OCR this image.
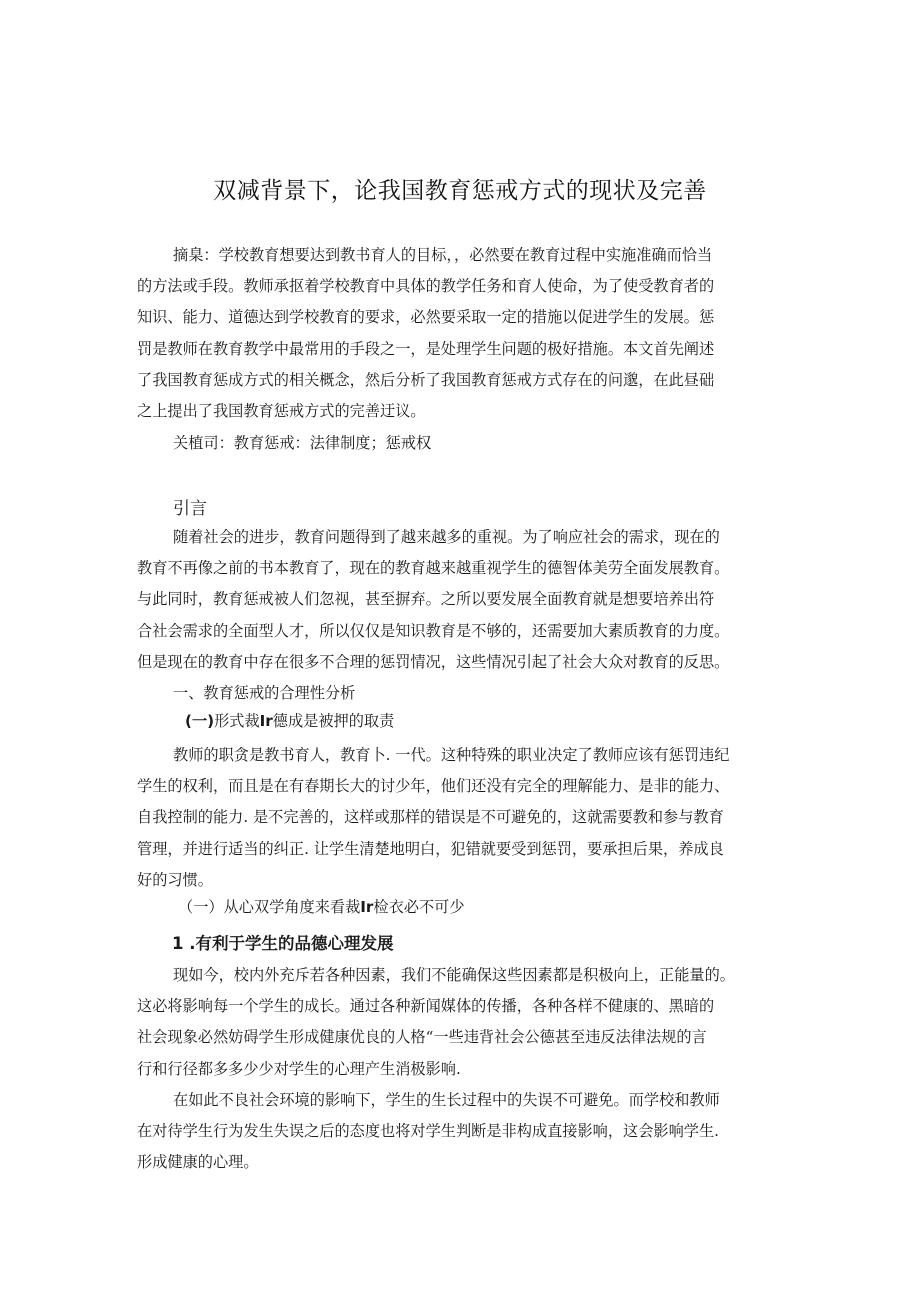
双减背景下，论我国教育惩戒方式的现状及完善

摘臬：学校教育想要达到教书育人的目标，，必然要在教育过程中实施准确而恰当
的方法或手段。教师承抠着学校教育中具体的教学任务和育人使命，为了使受教育者的
知识、能力、道德达到学校教育的要求，必然要采取一定的措施以促进学生的发展。惩
罚是教师在教育教学中最常用的手段之一，是处理学生问题的极好措施。本文首先阐述
了我国教育惩成方式的相关概念，然后分析了我国教育惩戒方式存在的问邈，在此昼础
之上提出了我国教育惩戒方式的完善迂议。

关植司：教育惩戒：法律制度；惩戒权

引言

随着社会的进步，教育问题得到了越来越多的重视。为了响应社会的需求，现在的
教育不再像之前的书本教育了，现在的教育越来越重视学生的德智体美劳全面发展教育。
与此同时，教育惩戒被人们忽视，甚至摒弃。之所以要发展全面教育就是想要培养出符
合社会需求的全面型人才，所以仅仅是知识教育是不够的，还需要加大素质教育的力度。
但是现在的教育中存在很多不合理的惩罚情况，这些情况引起了社会大众对教育的反思。

一、教育惩戒的合理性分析

(一)形式裁Ir德成是被押的取责

教师的职贪是教书育人，教育卜. 一代。这种特殊的职业决定了教师应该有惩罚违纪
学生的权利，而且是在有春期长大的讨少年，他们还没有完全的理解能力、是非的能力、
自我控制的能力. 是不完善的，这样或那样的错误是不可避免的，这就需要教和参与教育
管理，并进行适当的纠正. 让学生清楚地明白，犯错就要受到惩罚，要承担后果，养成良
好的习惯。

（一）从心双学角度来看裁Ir检衣必不可少
1 .有利于学生的品德心理发展

现如今，校内外充斥若各种因素，我们不能确保这些因素都是积极向上，正能量的。
这必将影响每一个学生的成长。通过各种新闻媒体的传播，各种各样不健康的、黑暗的
社会现象必然妨碍学生形成健康优良的人格“一些违背社会公德甚至违反法律法规的言
行和行径都多多少少对学生的心理产生消极影响.

在如此不良社会环境的影响下，学生的生长过程中的失误不可避免。而学校和教师
在对待学生行为发生失误之后的态度也将对学生判断是非构成直接影响，这会影响学生.
形成健康的心理。
